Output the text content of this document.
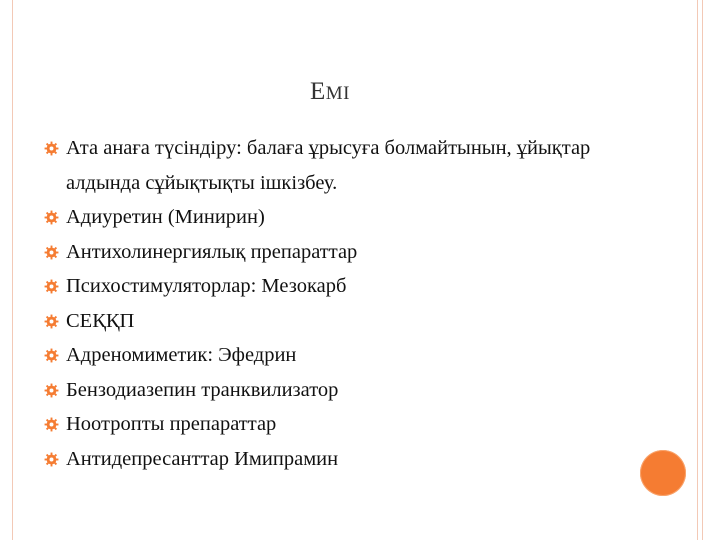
ЕМІ
Ата анаға түсіндіру: балаға ұрысуға болмайтынын, ұйықтар алдында сұйықтықты ішкізбеу.
Адиуретин (Минирин)
Антихолинергиялық препараттар
Психостимуляторлар: Мезокарб
СЕҚҚП
Адреномиметик: Эфедрин
Бензодиазепин транквилизатор
Ноотропты препараттар
Антидепресанттар Имипрамин
